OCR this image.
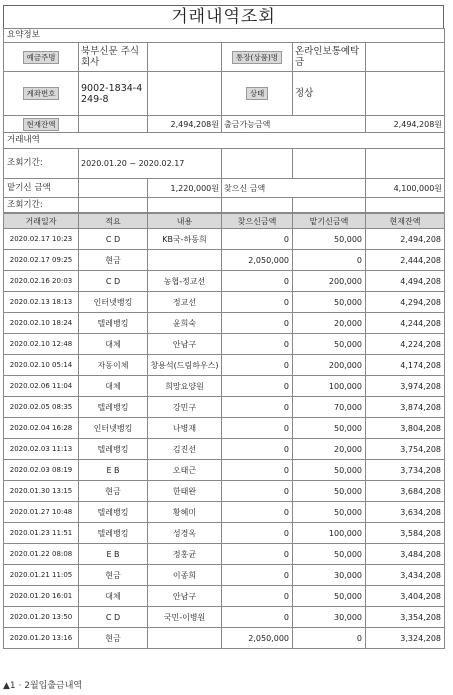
거래내역조회
요약정보					
예금주명	북부신문 주식회사		통장(상품)명	온라인보통예탁금	
계좌번호	9002-1834-4249-8		상태	정상	
현재잔액		2,494,208원	출금가능금액		2,494,208원
거래내역					
조회기간:	2020.01.20 ~ 2020.02.17				
맡기신 금액		1,220,000원	찾으신 금액		4,100,000원
조회기간:					
거래일자	적요	내용	찾으신금액	맡기신금액	현재잔액
2020.02.17 10:23	C D	KB국-하동희	0	50,000	2,494,208
2020.02.17 09:25	현금		2,050,000	0	2,444,208
2020.02.16 20:03	C D	농협-정교선	0	200,000	4,494,208
2020.02.13 18:13	인터넷뱅킹	정교선	0	50,000	4,294,208
2020.02.10 18:24	텔레뱅킹	윤희숙	0	20,000	4,244,208
2020.02.10 12:48	대체	안남구	0	50,000	4,224,208
2020.02.10 05:14	자동이체	창용석(드림하우스)	0	200,000	4,174,208
2020.02.06 11:04	대체	희망요양원	0	100,000	3,974,208
2020.02.05 08:35	텔레뱅킹	강민구	0	70,000	3,874,208
2020.02.04 16:28	인터넷뱅킹	나병재	0	50,000	3,804,208
2020.02.03 11:13	텔레뱅킹	김진선	0	20,000	3,754,208
2020.02.03 08:19	E B	오태근	0	50,000	3,734,208
2020.01.30 13:15	현금	한태완	0	50,000	3,684,208
2020.01.27 10:48	텔레뱅킹	황혜미	0	50,000	3,634,208
2020.01.23 11:51	텔레뱅킹	성경옥	0	100,000	3,584,208
2020.01.22 08:08	E B	정홍균	0	50,000	3,484,208
2020.01.21 11:05	현금	이종희	0	30,000	3,434,208
2020.01.20 16:01	대체	안남구	0	50,000	3,404,208
2020.01.20 13:50	C D	국민-이병원	0	30,000	3,354,208
2020.01.20 13:16	현금		2,050,000	0	3,324,208
▲1 · 2월입출금내역
